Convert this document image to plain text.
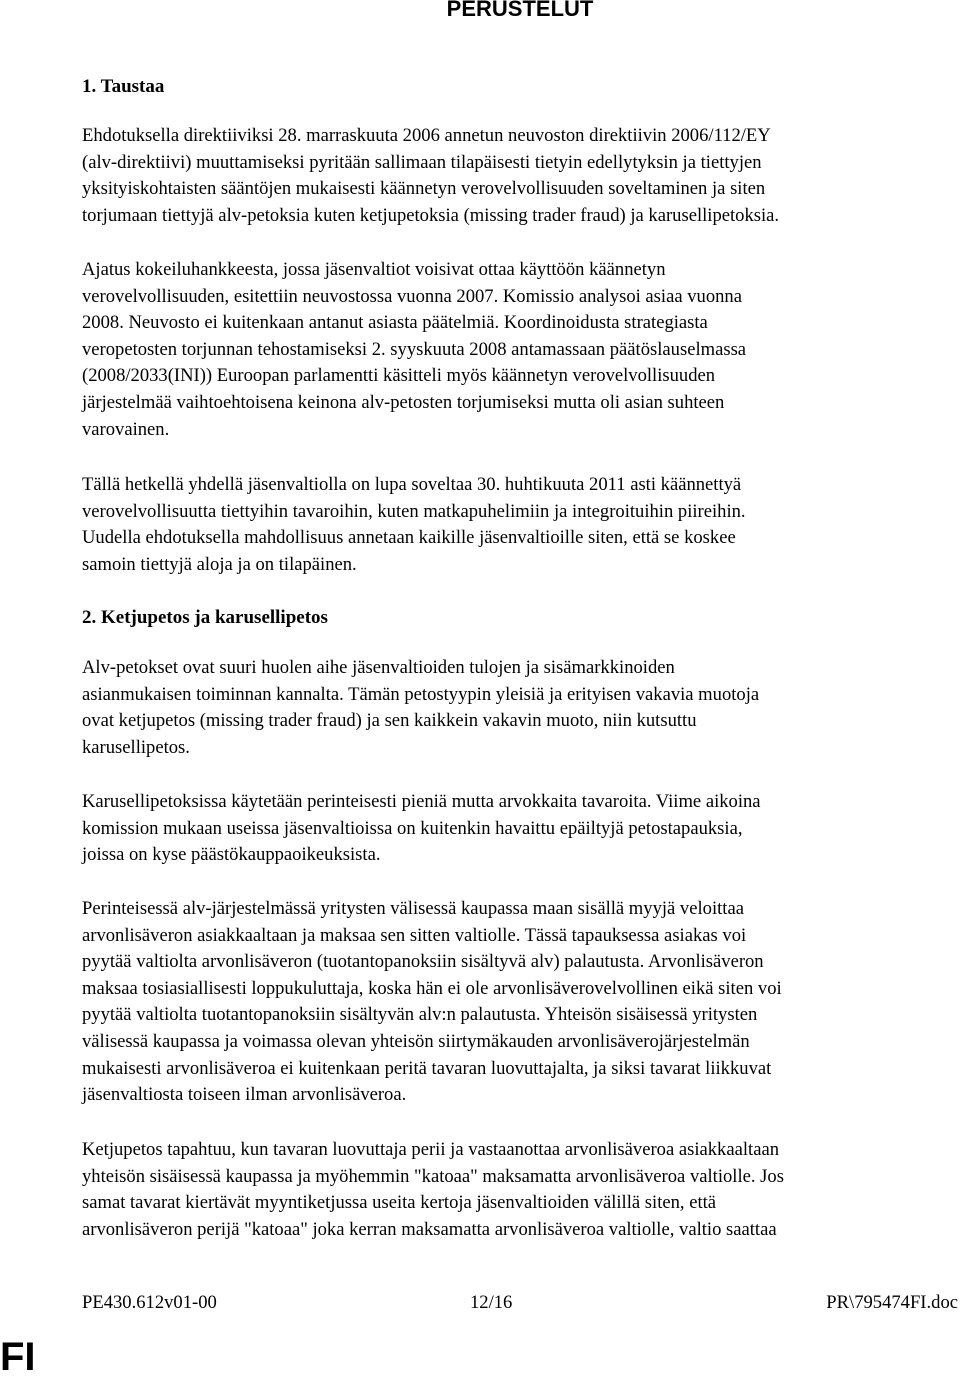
PERUSTELUT
1. Taustaa

Ehdotuksella direktiiviksi 28. marraskuuta 2006 annetun neuvoston direktiivin 2006/112/EY
(alv-direktiivi) muuttamiseksi pyritään sallimaan tilapäisesti tietyin edellytyksin ja tiettyjen
yksityiskohtaisten sääntöjen mukaisesti käännetyn verovelvollisuuden soveltaminen ja siten
torjumaan tiettyjä alv-petoksia kuten ketjupetoksia (missing trader fraud) ja karusellipetoksia.

Ajatus kokeiluhankkeesta, jossa jäsenvaltiot voisivat ottaa käyttöön käännetyn
verovelvollisuuden, esitettiin neuvostossa vuonna 2007. Komissio analysoi asiaa vuonna
2008. Neuvosto ei kuitenkaan antanut asiasta päätelmiä. Koordinoidusta strategiasta
veropetosten torjunnan tehostamiseksi 2. syyskuuta 2008 antamassaan päätöslauselmassa
(2008/2033(INI)) Euroopan parlamentti käsitteli myös käännetyn verovelvollisuuden
järjestelmää vaihtoehtoisena keinona alv-petosten torjumiseksi mutta oli asian suhteen
varovainen.

Tällä hetkellä yhdellä jäsenvaltiolla on lupa soveltaa 30. huhtikuuta 2011 asti käännettyä
verovelvollisuutta tiettyihin tavaroihin, kuten matkapuhelimiin ja integroituihin piireihin.
Uudella ehdotuksella mahdollisuus annetaan kaikille jäsenvaltioille siten, että se koskee
samoin tiettyjä aloja ja on tilapäinen.

2. Ketjupetos ja karusellipetos

Alv-petokset ovat suuri huolen aihe jäsenvaltioiden tulojen ja sisämarkkinoiden
asianmukaisen toiminnan kannalta. Tämän petostyypin yleisiä ja erityisen vakavia muotoja
ovat ketjupetos (missing trader fraud) ja sen kaikkein vakavin muoto, niin kutsuttu
karusellipetos.

Karusellipetoksissa käytetään perinteisesti pieniä mutta arvokkaita tavaroita. Viime aikoina
komission mukaan useissa jäsenvaltioissa on kuitenkin havaittu epäiltyjä petostapauksia,
joissa on kyse päästökauppaoikeuksista.

Perinteisessä alv-järjestelmässä yritysten välisessä kaupassa maan sisällä myyjä veloittaa
arvonlisäveron asiakkaaltaan ja maksaa sen sitten valtiolle. Tässä tapauksessa asiakas voi
pyytää valtiolta arvonlisäveron (tuotantopanoksiin sisältyvä alv) palautusta. Arvonlisäveron
maksaa tosiasiallisesti loppukuluttaja, koska hän ei ole arvonlisäverovelvollinen eikä siten voi
pyytää valtiolta tuotantopanoksiin sisältyvän alv:n palautusta. Yhteisön sisäisessä yritysten
välisessä kaupassa ja voimassa olevan yhteisön siirtymäkauden arvonlisäverojärjestelmän
mukaisesti arvonlisäveroa ei kuitenkaan peritä tavaran luovuttajalta, ja siksi tavarat liikkuvat
jäsenvaltiosta toiseen ilman arvonlisäveroa.

Ketjupetos tapahtuu, kun tavaran luovuttaja perii ja vastaanottaa arvonlisäveroa asiakkaaltaan
yhteisön sisäisessä kaupassa ja myöhemmin "katoaa" maksamatta arvonlisäveroa valtiolle. Jos
samat tavarat kiertävät myyntiketjussa useita kertoja jäsenvaltioiden välillä siten, että
arvonlisäveron perijä "katoaa" joka kerran maksamatta arvonlisäveroa valtiolle, valtio saattaa

PE430.612v01-00	12/16	PR\795474FI.doc

FI
